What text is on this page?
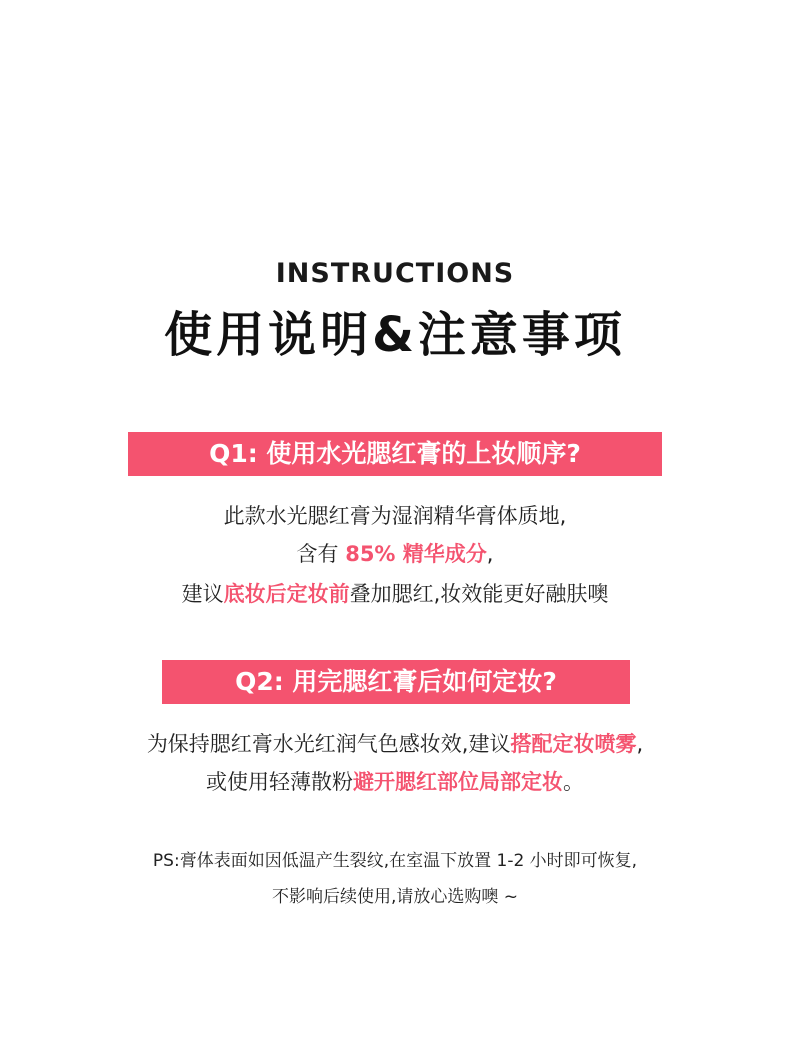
INSTRUCTIONS
使用说明&注意事项
Q1: 使用水光腮红膏的上妆顺序?
此款水光腮红膏为湿润精华膏体质地,
含有 85% 精华成分,
建议底妆后定妆前叠加腮红,妆效能更好融肤噢
Q2: 用完腮红膏后如何定妆?
为保持腮红膏水光红润气色感妆效,建议搭配定妆喷雾,
或使用轻薄散粉避开腮红部位局部定妆。
PS:膏体表面如因低温产生裂纹,在室温下放置 1-2 小时即可恢复,
不影响后续使用,请放心选购噢 ~
